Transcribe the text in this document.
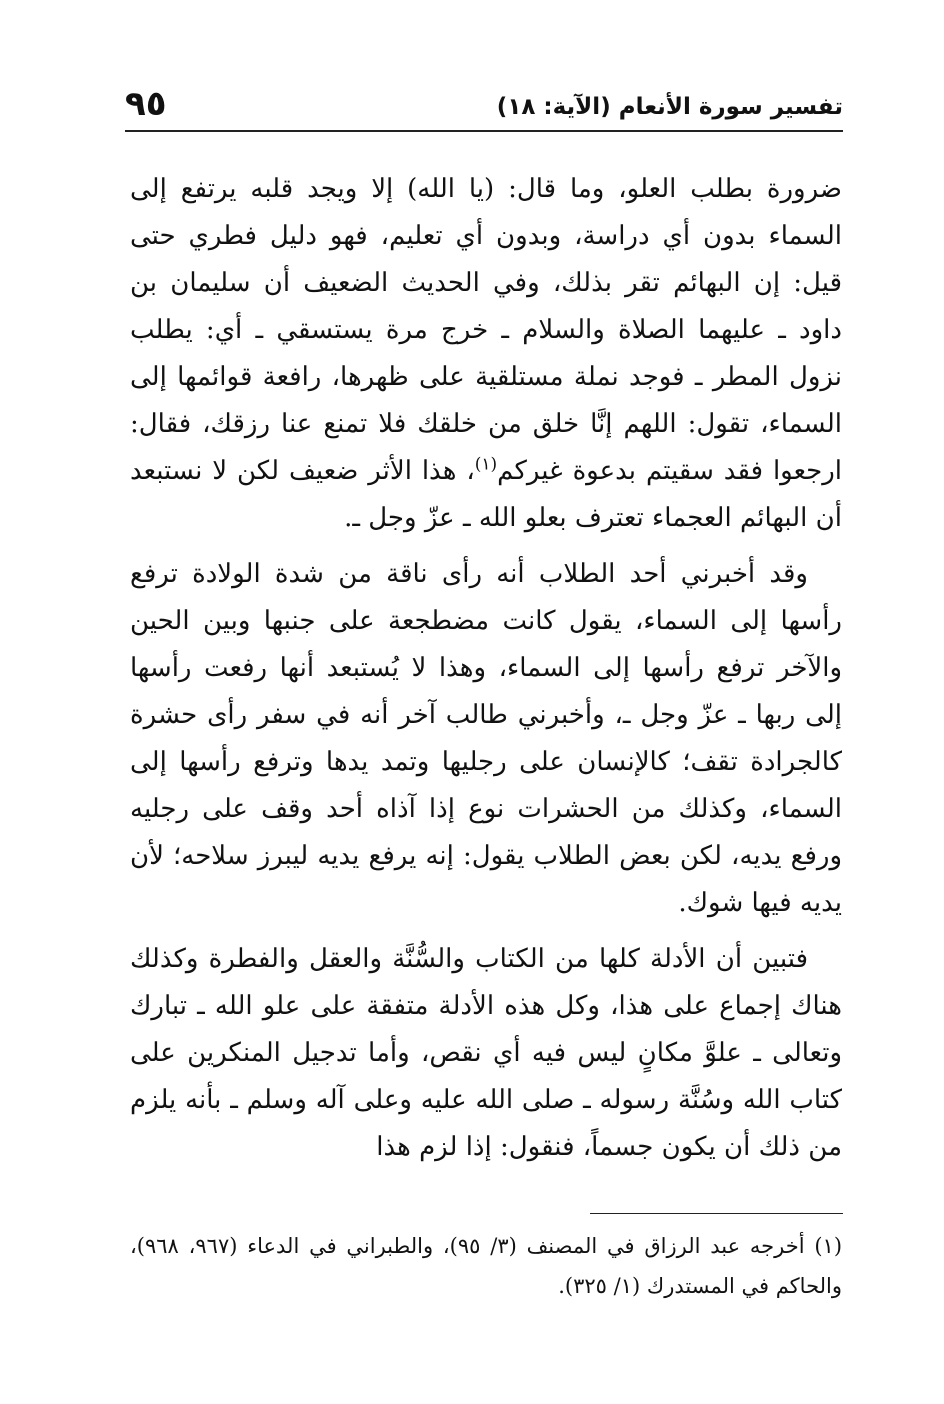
تفسير سورة الأنعام (الآية: ١٨)
٩٥

ضرورة بطلب العلو، وما قال: (يا الله) إلا ويجد قلبه يرتفع إلى السماء بدون أي دراسة، وبدون أي تعليم، فهو دليل فطري حتى قيل: إن البهائم تقر بذلك، وفي الحديث الضعيف أن سليمان بن داود ـ عليهما الصلاة والسلام ـ خرج مرة يستسقي ـ أي: يطلب نزول المطر ـ فوجد نملة مستلقية على ظهرها، رافعة قوائمها إلى السماء، تقول: اللهم إنَّا خلق من خلقك فلا تمنع عنا رزقك، فقال: ارجعوا فقد سقيتم بدعوة غيركم$^{(١)}$، هذا الأثر ضعيف لكن لا نستبعد أن البهائم العجماء تعترف بعلو الله ـ عزّ وجل ـ.

وقد أخبرني أحد الطلاب أنه رأى ناقة من شدة الولادة ترفع رأسها إلى السماء، يقول كانت مضطجعة على جنبها وبين الحين والآخر ترفع رأسها إلى السماء، وهذا لا يُستبعد أنها رفعت رأسها إلى ربها ـ عزّ وجل ـ، وأخبرني طالب آخر أنه في سفر رأى حشرة كالجرادة تقف؛ كالإنسان على رجليها وتمد يدها وترفع رأسها إلى السماء، وكذلك من الحشرات نوع إذا آذاه أحد وقف على رجليه ورفع يديه، لكن بعض الطلاب يقول: إنه يرفع يديه ليبرز سلاحه؛ لأن يديه فيها شوك.

فتبين أن الأدلة كلها من الكتاب والسُّنَّة والعقل والفطرة وكذلك هناك إجماع على هذا، وكل هذه الأدلة متفقة على علو الله ـ تبارك وتعالى ـ علوَّ مكانٍ ليس فيه أي نقص، وأما تدجيل المنكرين على كتاب الله وسُنَّة رسوله ـ صلى الله عليه وعلى آله وسلم ـ بأنه يلزم من ذلك أن يكون جسماً، فنقول: إذا لزم هذا

(١) أخرجه عبد الرزاق في المصنف (٣/ ٩٥)، والطبراني في الدعاء (٩٦٧، ٩٦٨)، والحاكم في المستدرك (١/ ٣٢٥).
